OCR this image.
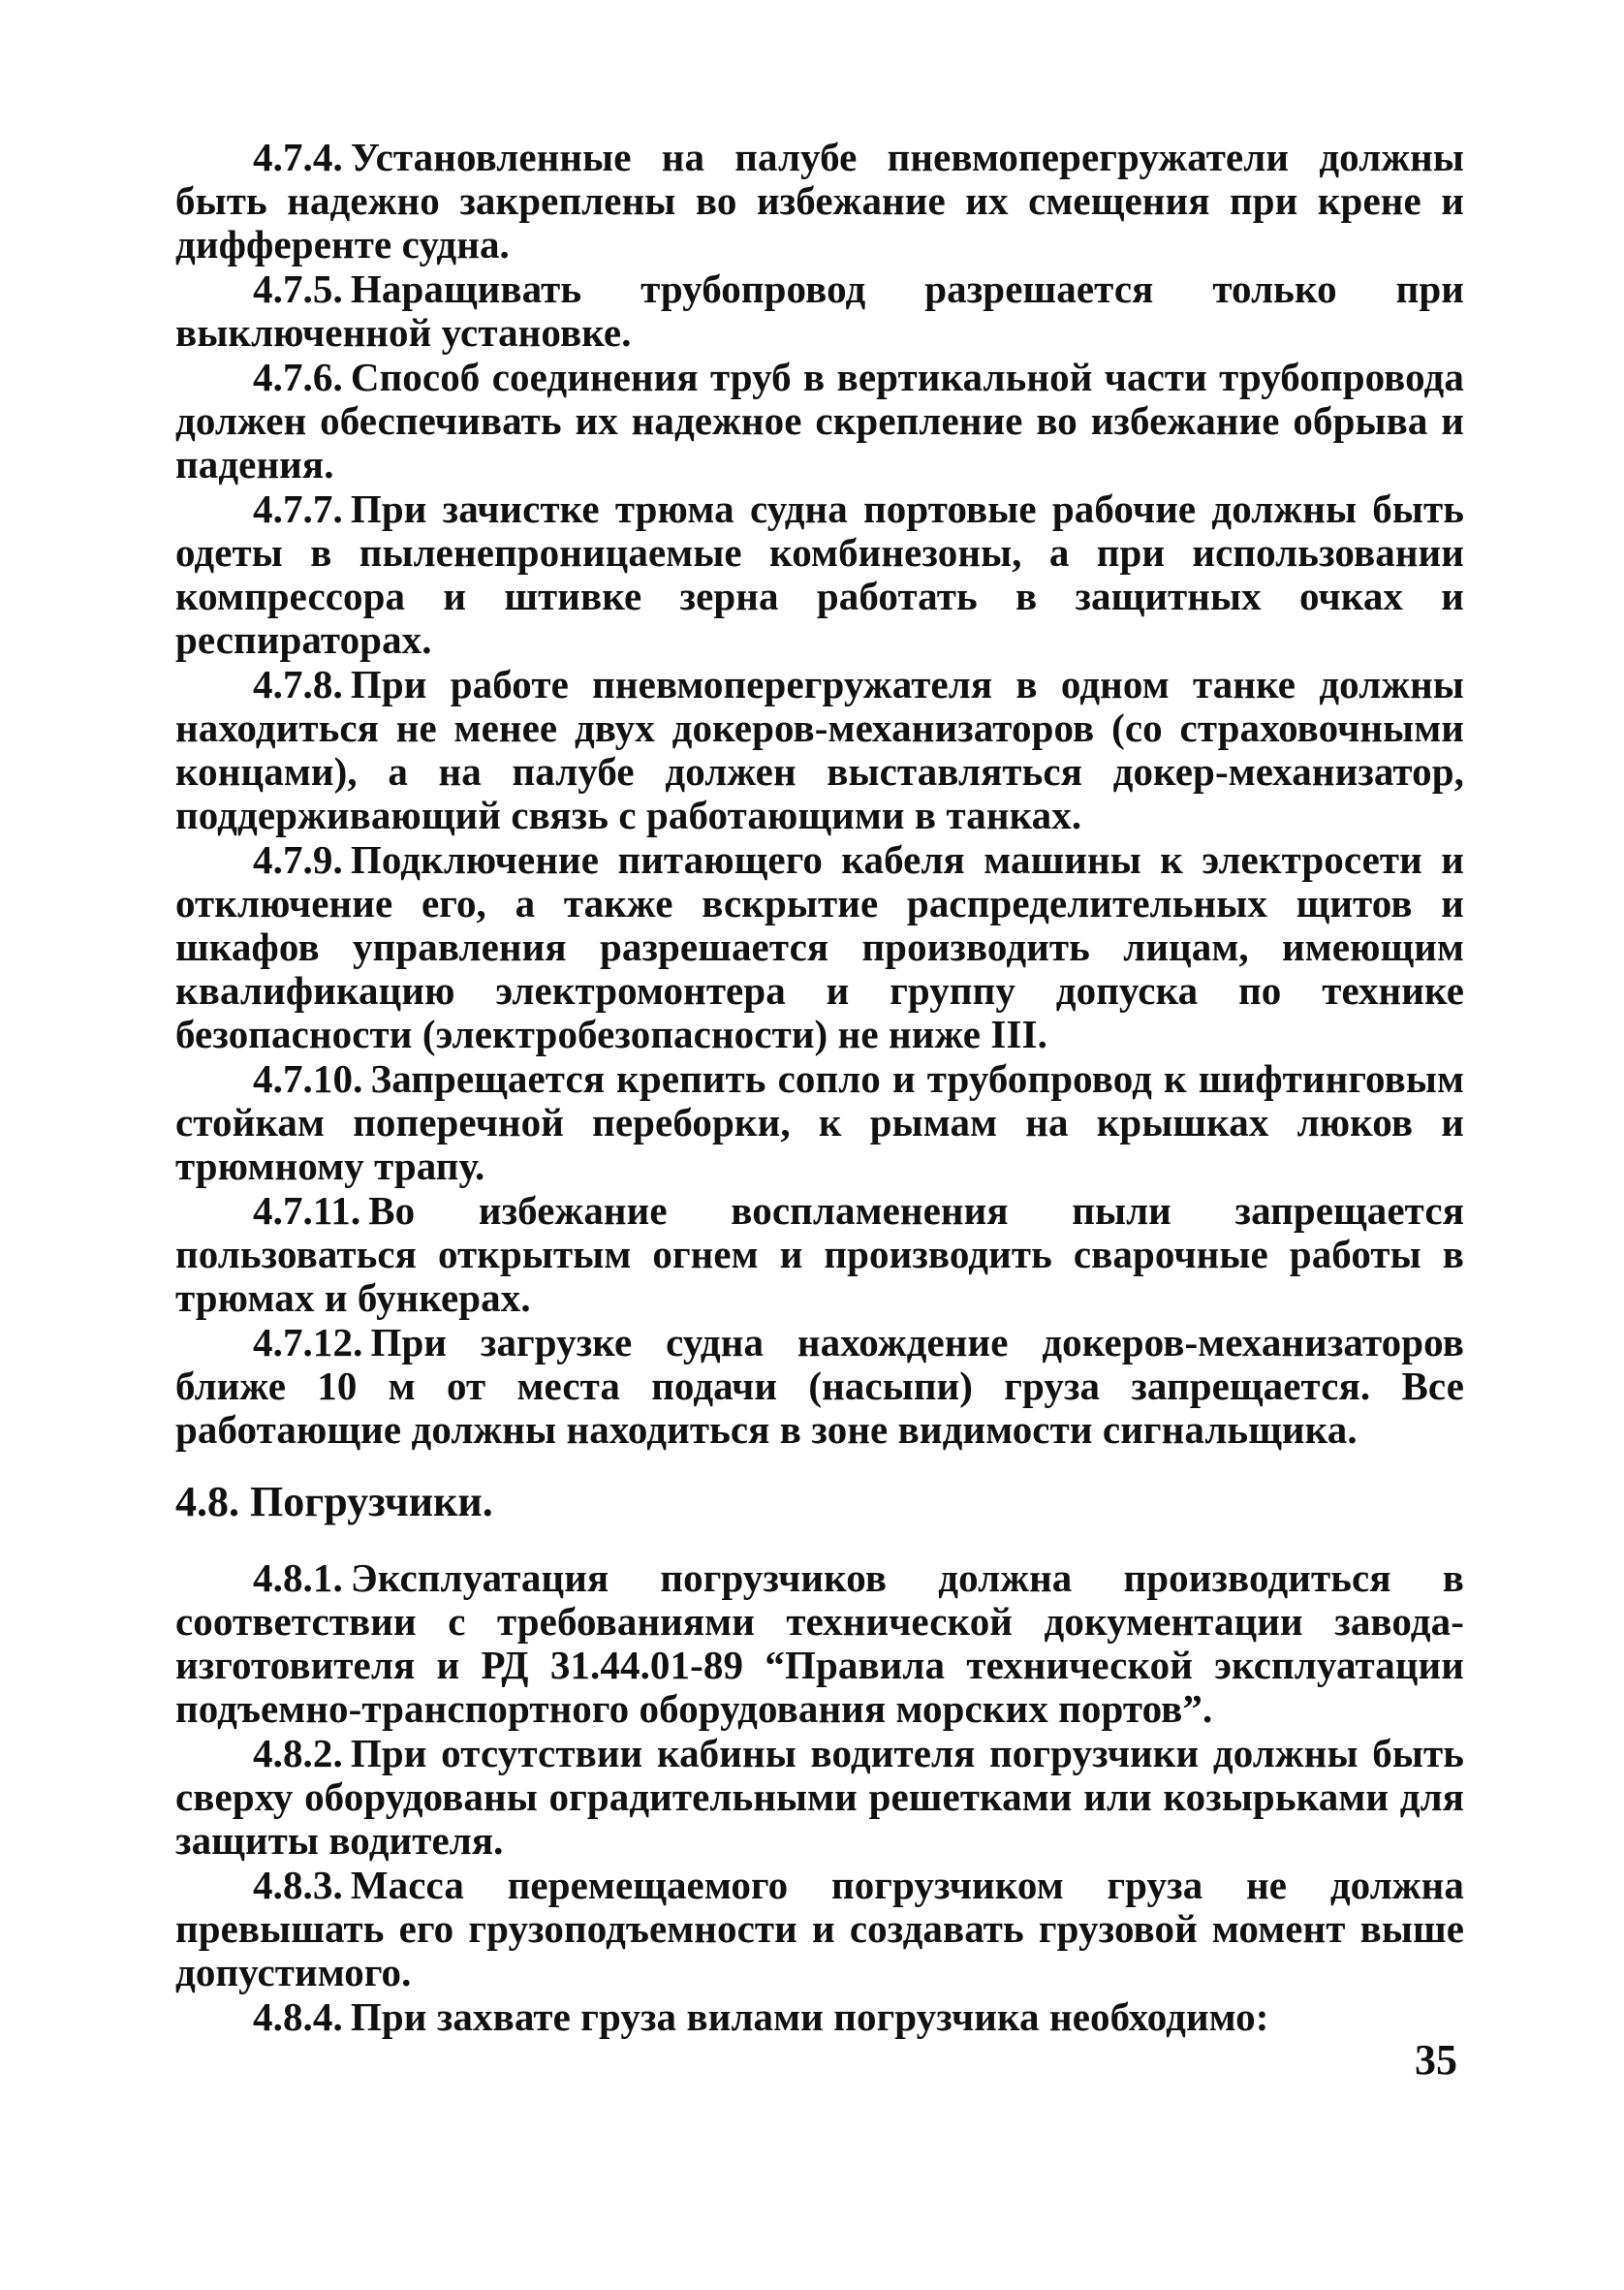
4.7.4. Установленные на палубе пневмоперегружатели должны быть надежно закреплены во избежание их смещения при крене и дифференте судна.

4.7.5. Наращивать трубопровод разрешается только при выключенной установке.

4.7.6. Способ соединения труб в вертикальной части трубопровода должен обеспечивать их надежное скрепление во избежание обрыва и падения.

4.7.7. При зачистке трюма судна портовые рабочие должны быть одеты в пыленепроницаемые комбинезоны, а при использовании компрессора и штивке зерна работать в защитных очках и респираторах.

4.7.8. При работе пневмоперегружателя в одном танке должны находиться не менее двух докеров-механизаторов (со страховочными концами), а на палубе должен выставляться докер-механизатор, поддерживающий связь с работающими в танках.

4.7.9. Подключение питающего кабеля машины к электросети и отключение его, а также вскрытие распределительных щитов и шкафов управления разрешается производить лицам, имеющим квалификацию электромонтера и группу допуска по технике безопасности (электробезопасности) не ниже III.

4.7.10. Запрещается крепить сопло и трубопровод к шифтинговым стойкам поперечной переборки, к рымам на крышках люков и трюмному трапу.

4.7.11. Во избежание воспламенения пыли запрещается пользоваться открытым огнем и производить сварочные работы в трюмах и бункерах.

4.7.12. При загрузке судна нахождение докеров-механизаторов ближе 10 м от места подачи (насыпи) груза запрещается. Все работающие должны находиться в зоне видимости сигнальщика.

4.8. Погрузчики.

4.8.1. Эксплуатация погрузчиков должна производиться в соответствии с требованиями технической документации завода-изготовителя и РД 31.44.01-89 “Правила технической эксплуатации подъемно-транспортного оборудования морских портов”.

4.8.2. При отсутствии кабины водителя погрузчики должны быть сверху оборудованы оградительными решетками или козырьками для защиты водителя.

4.8.3. Масса перемещаемого погрузчиком груза не должна превышать его грузоподъемности и создавать грузовой момент выше допустимого.

4.8.4. При захвате груза вилами погрузчика необходимо:

35
